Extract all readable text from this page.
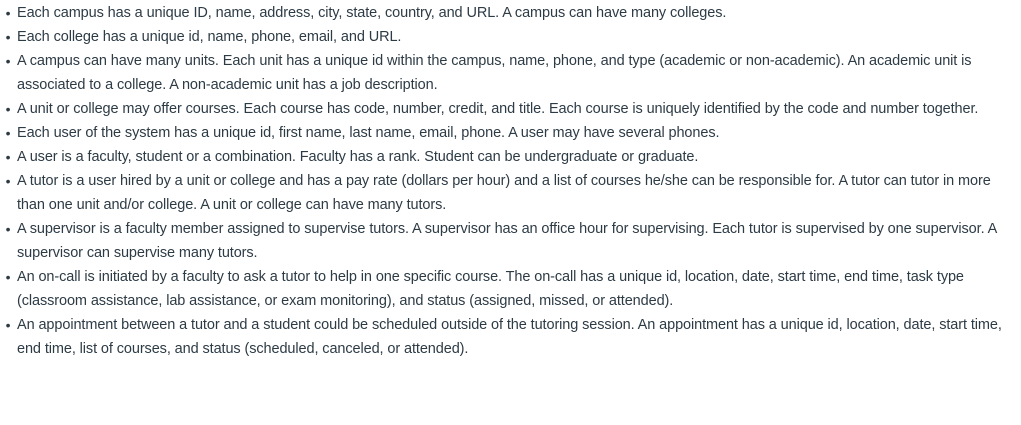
• Each campus has a unique ID, name, address, city, state, country, and URL. A campus can have many colleges.
• Each college has a unique id, name, phone, email, and URL.
• A campus can have many units. Each unit has a unique id within the campus, name, phone, and type (academic or non-academic). An academic unit is associated to a college. A non-academic unit has a job description.
• A unit or college may offer courses. Each course has code, number, credit, and title. Each course is uniquely identified by the code and number together.
• Each user of the system has a unique id, first name, last name, email, phone. A user may have several phones.
• A user is a faculty, student or a combination. Faculty has a rank. Student can be undergraduate or graduate.
• A tutor is a user hired by a unit or college and has a pay rate (dollars per hour) and a list of courses he/she can be responsible for. A tutor can tutor in more than one unit and/or college. A unit or college can have many tutors.
• A supervisor is a faculty member assigned to supervise tutors. A supervisor has an office hour for supervising. Each tutor is supervised by one supervisor. A supervisor can supervise many tutors.
• An on-call is initiated by a faculty to ask a tutor to help in one specific course. The on-call has a unique id, location, date, start time, end time, task type (classroom assistance, lab assistance, or exam monitoring), and status (assigned, missed, or attended).
• An appointment between a tutor and a student could be scheduled outside of the tutoring session. An appointment has a unique id, location, date, start time, end time, list of courses, and status (scheduled, canceled, or attended).
